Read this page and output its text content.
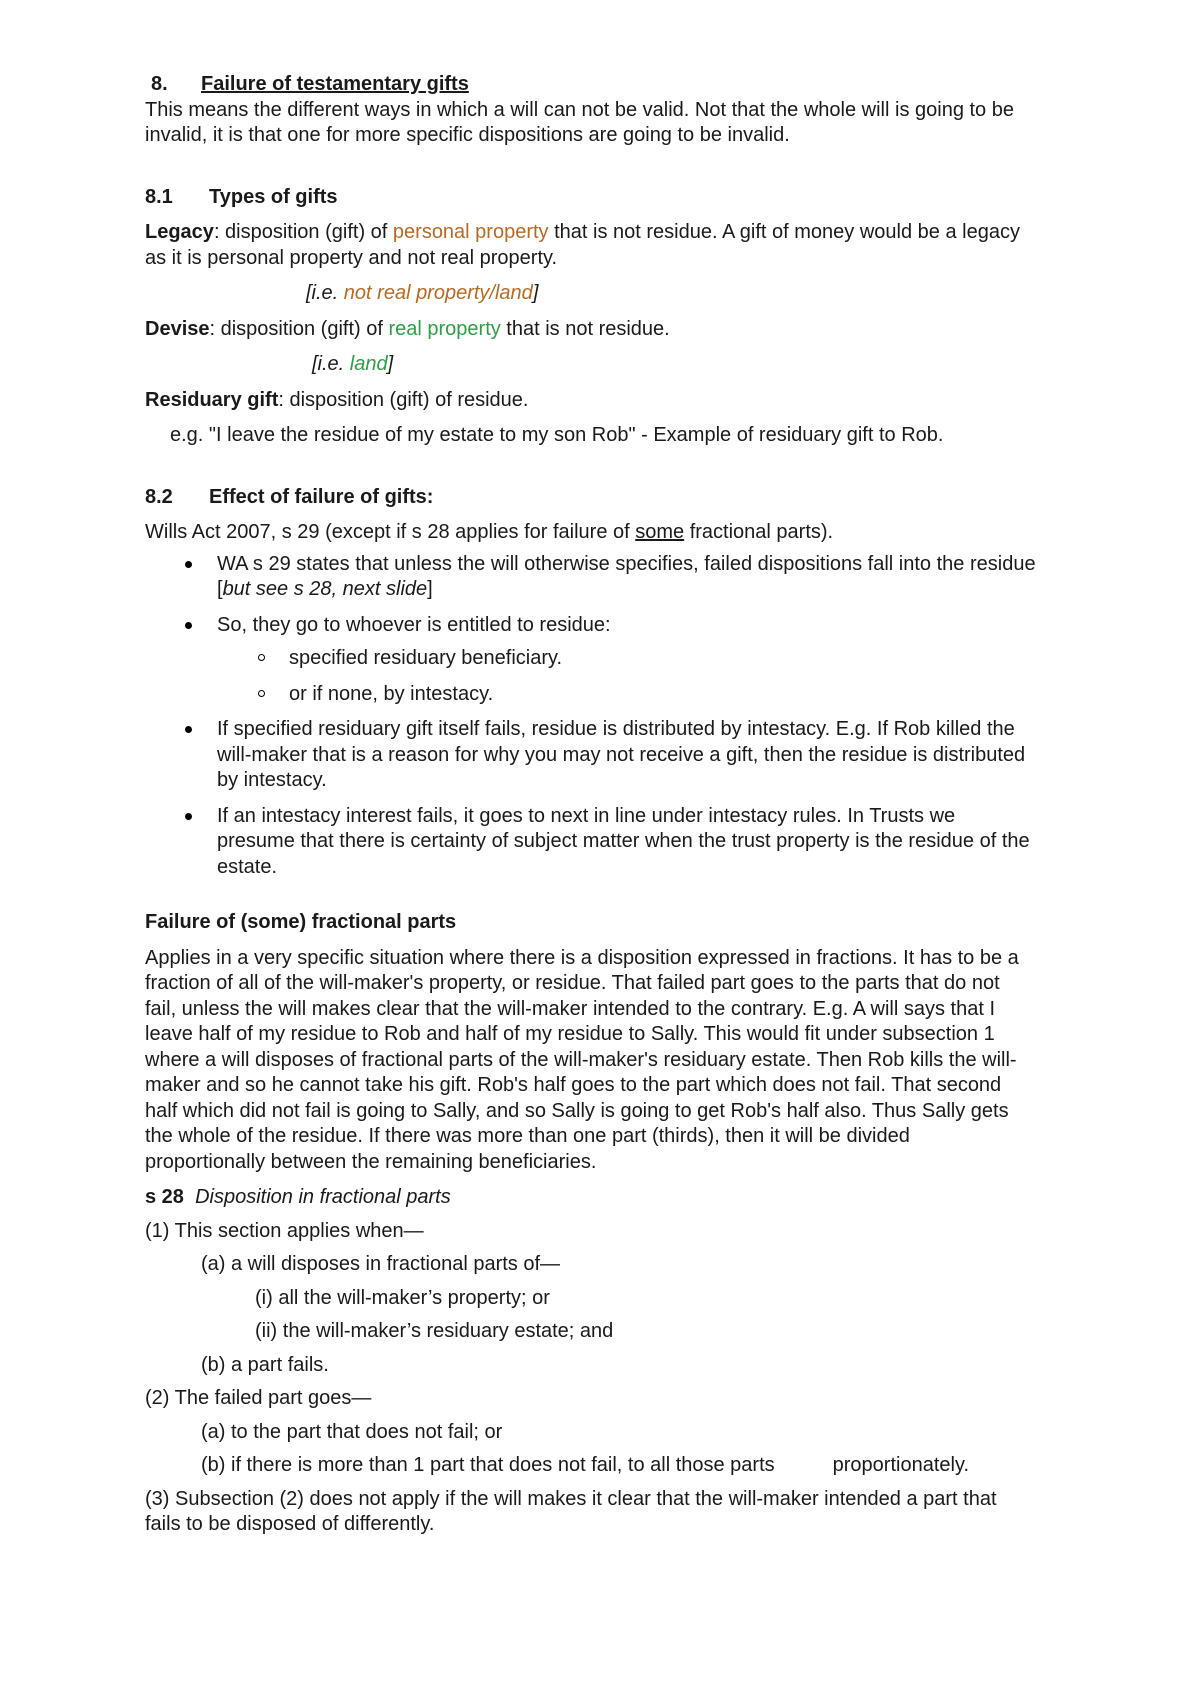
8. Failure of testamentary gifts
This means the different ways in which a will can not be valid. Not that the whole will is going to be
invalid, it is that one for more specific dispositions are going to be invalid.
8.1 Types of gifts
Legacy: disposition (gift) of personal property that is not residue. A gift of money would be a legacy
as it is personal property and not real property.
[i.e. not real property/land]
Devise: disposition (gift) of real property that is not residue.
[i.e. land]
Residuary gift: disposition (gift) of residue.
e.g. "I leave the residue of my estate to my son Rob" - Example of residuary gift to Rob.
8.2 Effect of failure of gifts:
Wills Act 2007, s 29 (except if s 28 applies for failure of some fractional parts).
WA s 29 states that unless the will otherwise specifies, failed dispositions fall into the residue
[but see s 28, next slide]
So, they go to whoever is entitled to residue:
specified residuary beneficiary.
or if none, by intestacy.
If specified residuary gift itself fails, residue is distributed by intestacy. E.g. If Rob killed the
will-maker that is a reason for why you may not receive a gift, then the residue is distributed
by intestacy.
If an intestacy interest fails, it goes to next in line under intestacy rules. In Trusts we
presume that there is certainty of subject matter when the trust property is the residue of the
estate.
Failure of (some) fractional parts
Applies in a very specific situation where there is a disposition expressed in fractions. It has to be a
fraction of all of the will-maker's property, or residue. That failed part goes to the parts that do not
fail, unless the will makes clear that the will-maker intended to the contrary. E.g. A will says that I
leave half of my residue to Rob and half of my residue to Sally. This would fit under subsection 1
where a will disposes of fractional parts of the will-maker's residuary estate. Then Rob kills the will-
maker and so he cannot take his gift. Rob's half goes to the part which does not fail. That second
half which did not fail is going to Sally, and so Sally is going to get Rob's half also. Thus Sally gets
the whole of the residue. If there was more than one part (thirds), then it will be divided
proportionally between the remaining beneficiaries.
s 28 Disposition in fractional parts
(1) This section applies when—
(a) a will disposes in fractional parts of—
(i) all the will-maker’s property; or
(ii) the will-maker’s residuary estate; and
(b) a part fails.
(2) The failed part goes—
(a) to the part that does not fail; or
(b) if there is more than 1 part that does not fail, to all those parts	proportionately.
(3) Subsection (2) does not apply if the will makes it clear that the will-maker intended a part that
fails to be disposed of differently.
